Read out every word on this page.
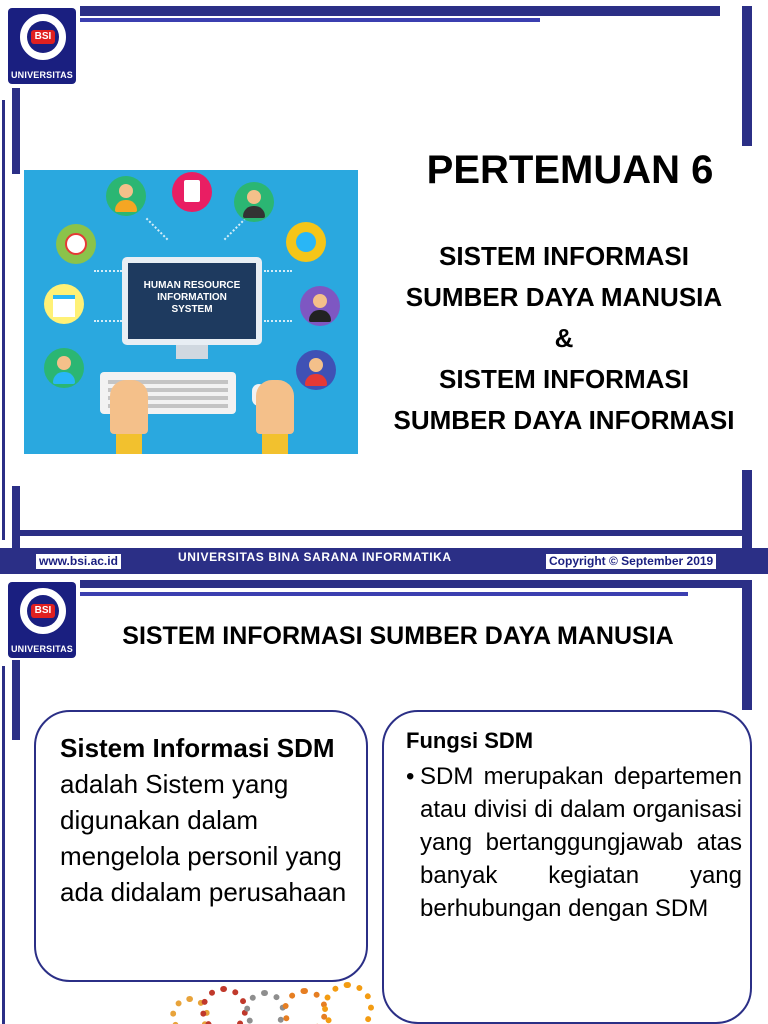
BSI
UNIVERSITAS
HUMAN RESOURCE
INFORMATION
SYSTEM
PERTEMUAN 6
SISTEM INFORMASI
SUMBER DAYA MANUSIA
&
SISTEM INFORMASI
SUMBER DAYA INFORMASI
www.bsi.ac.id	UNIVERSITAS BINA SARANA INFORMATIKA	Copyright © September 2019
BSI
UNIVERSITAS SISTEM INFORMASI SUMBER DAYA MANUSIA
Sistem Informasi SDM adalah Sistem yang digunakan dalam mengelola personil yang ada didalam perusahaan
Fungsi SDM
• SDM merupakan departemen atau divisi di dalam organisasi yang bertanggungjawab atas banyak kegiatan yang berhubungan dengan SDM
